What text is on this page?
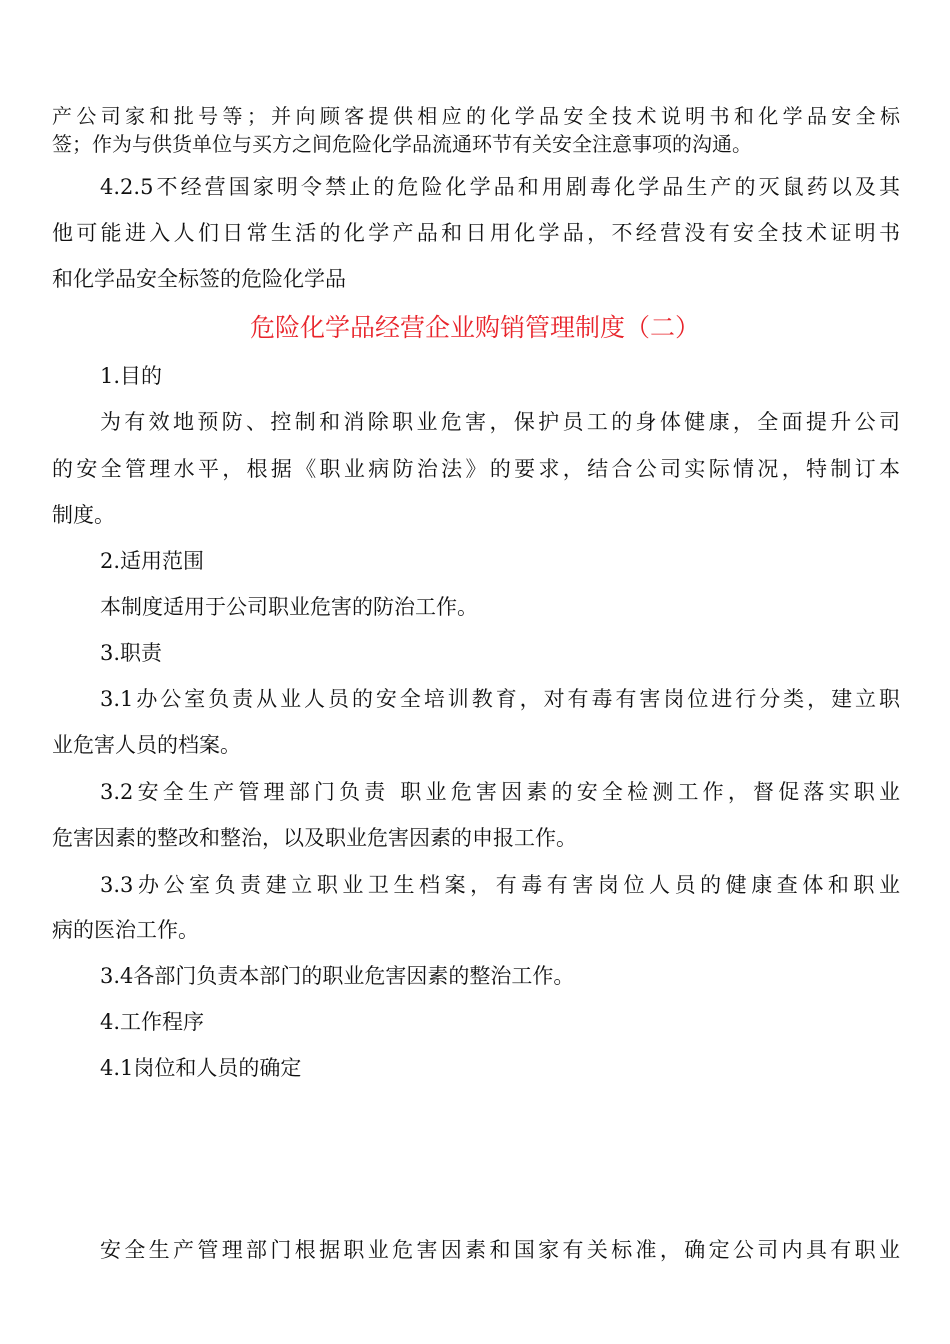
产公司家和批号等；并向顾客提供相应的化学品安全技术说明书和化学品安全标
签；作为与供货单位与买方之间危险化学品流通环节有关安全注意事项的沟通。
4.2.5不经营国家明令禁止的危险化学品和用剧毒化学品生产的灭鼠药以及其
他可能进入人们日常生活的化学产品和日用化学品，不经营没有安全技术证明书
和化学品安全标签的危险化学品
危险化学品经营企业购销管理制度（二）
1.目的
为有效地预防、控制和消除职业危害，保护员工的身体健康，全面提升公司
的安全管理水平，根据《职业病防治法》的要求，结合公司实际情况，特制订本
制度。
2.适用范围
本制度适用于公司职业危害的防治工作。
3.职责
3.1办公室负责从业人员的安全培训教育，对有毒有害岗位进行分类，建立职
业危害人员的档案。
3.2安全生产管理部门负责 职业危害因素的安全检测工作，督促落实职业
危害因素的整改和整治，以及职业危害因素的申报工作。
3.3办公室负责建立职业卫生档案，有毒有害岗位人员的健康查体和职业
病的医治工作。
3.4各部门负责本部门的职业危害因素的整治工作。
4.工作程序
4.1岗位和人员的确定
安全生产管理部门根据职业危害因素和国家有关标准，确定公司内具有职业
